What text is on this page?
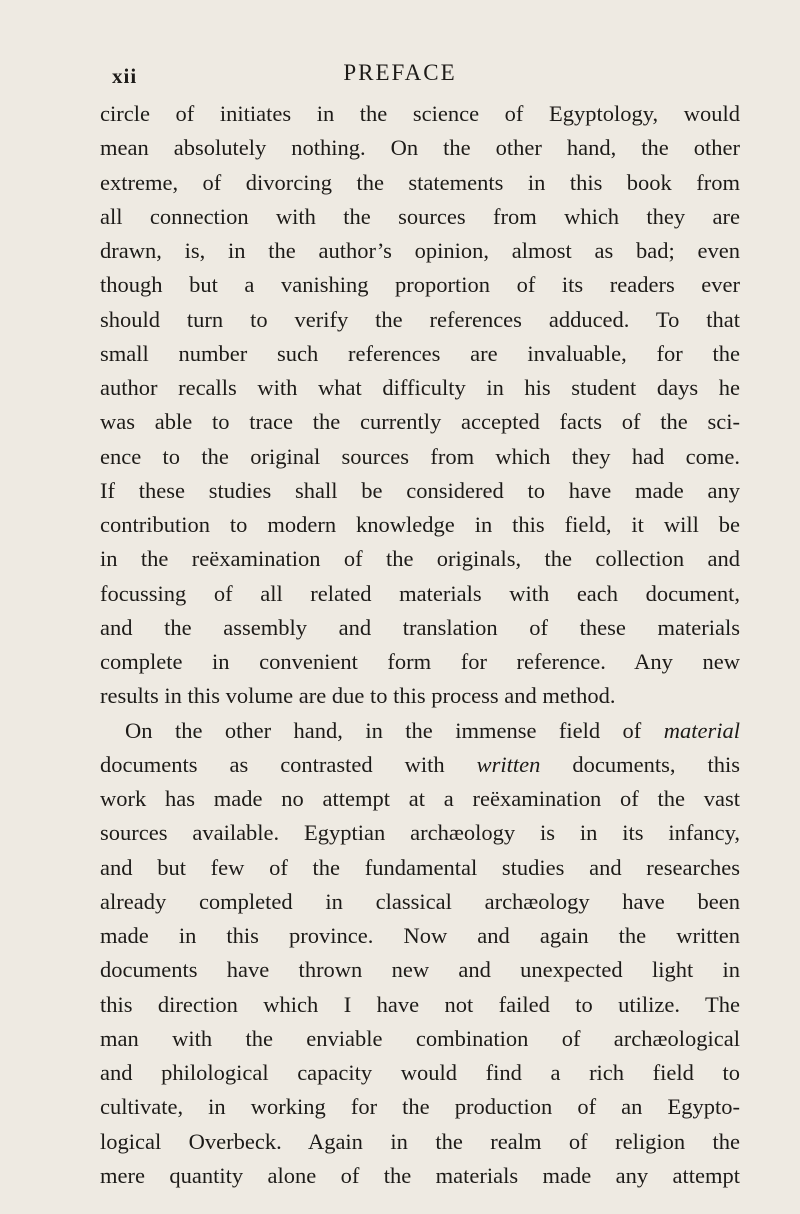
xii	PREFACE
circle of initiates in the science of Egyptology, would
mean absolutely nothing. On the other hand, the other
extreme, of divorcing the statements in this book from
all connection with the sources from which they are
drawn, is, in the author’s opinion, almost as bad; even
though but a vanishing proportion of its readers ever
should turn to verify the references adduced. To that
small number such references are invaluable, for the
author recalls with what difficulty in his student days he
was able to trace the currently accepted facts of the sci-
ence to the original sources from which they had come.
If these studies shall be considered to have made any
contribution to modern knowledge in this field, it will be
in the reëxamination of the originals, the collection and
focussing of all related materials with each document,
and the assembly and translation of these materials
complete in convenient form for reference. Any new
results in this volume are due to this process and method.
On the other hand, in the immense field of material
documents as contrasted with written documents, this
work has made no attempt at a reëxamination of the vast
sources available. Egyptian archæology is in its infancy,
and but few of the fundamental studies and researches
already completed in classical archæology have been
made in this province. Now and again the written
documents have thrown new and unexpected light in
this direction which I have not failed to utilize. The
man with the enviable combination of archæological
and philological capacity would find a rich field to
cultivate, in working for the production of an Egypto-
logical Overbeck. Again in the realm of religion the
mere quantity alone of the materials made any attempt
